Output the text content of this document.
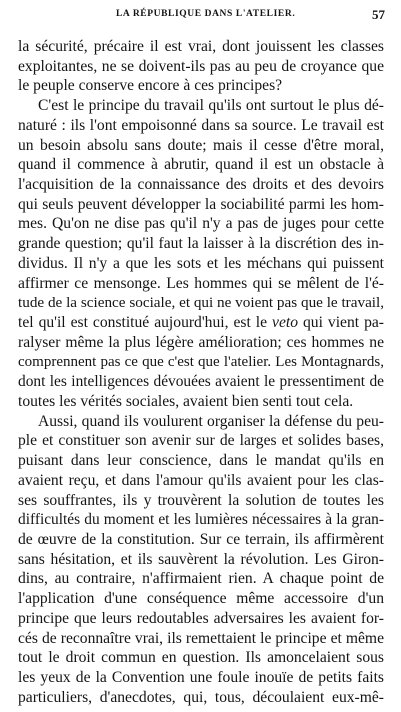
LA RÉPUBLIQUE DANS L'ATELIER.	57
la sécurité, précaire il est vrai, dont jouissent les classes
exploitantes, ne se doivent-ils pas au peu de croyance que
le peuple conserve encore à ces principes?
C'est le principe du travail qu'ils ont surtout le plus dé-
naturé : ils l'ont empoisonné dans sa source. Le travail est
un besoin absolu sans doute; mais il cesse d'être moral,
quand il commence à abrutir, quand il est un obstacle à
l'acquisition de la connaissance des droits et des devoirs
qui seuls peuvent développer la sociabilité parmi les hom-
mes. Qu'on ne dise pas qu'il n'y a pas de juges pour cette
grande question; qu'il faut la laisser à la discrétion des in-
dividus. Il n'y a que les sots et les méchans qui puissent
affirmer ce mensonge. Les hommes qui se mêlent de l'é-
tude de la science sociale, et qui ne voient pas que le travail,
tel qu'il est constitué aujourd'hui, est le veto qui vient pa-
ralyser même la plus légère amélioration; ces hommes ne
comprennent pas ce que c'est que l'atelier. Les Montagnards,
dont les intelligences dévouées avaient le pressentiment de
toutes les vérités sociales, avaient bien senti tout cela.
Aussi, quand ils voulurent organiser la défense du peu-
ple et constituer son avenir sur de larges et solides bases,
puisant dans leur conscience, dans le mandat qu'ils en
avaient reçu, et dans l'amour qu'ils avaient pour les clas-
ses souffrantes, ils y trouvèrent la solution de toutes les
difficultés du moment et les lumières nécessaires à la gran-
de œuvre de la constitution. Sur ce terrain, ils affirmèrent
sans hésitation, et ils sauvèrent la révolution. Les Giron-
dins, au contraire, n'affirmaient rien. A chaque point de
l'application d'une conséquence même accessoire d'un
principe que leurs redoutables adversaires les avaient for-
cés de reconnaître vrai, ils remettaient le principe et même
tout le droit commun en question. Ils amoncelaient sous
les yeux de la Convention une foule inouïe de petits faits
particuliers, d'anecdotes, qui, tous, découlaient eux-mê-
